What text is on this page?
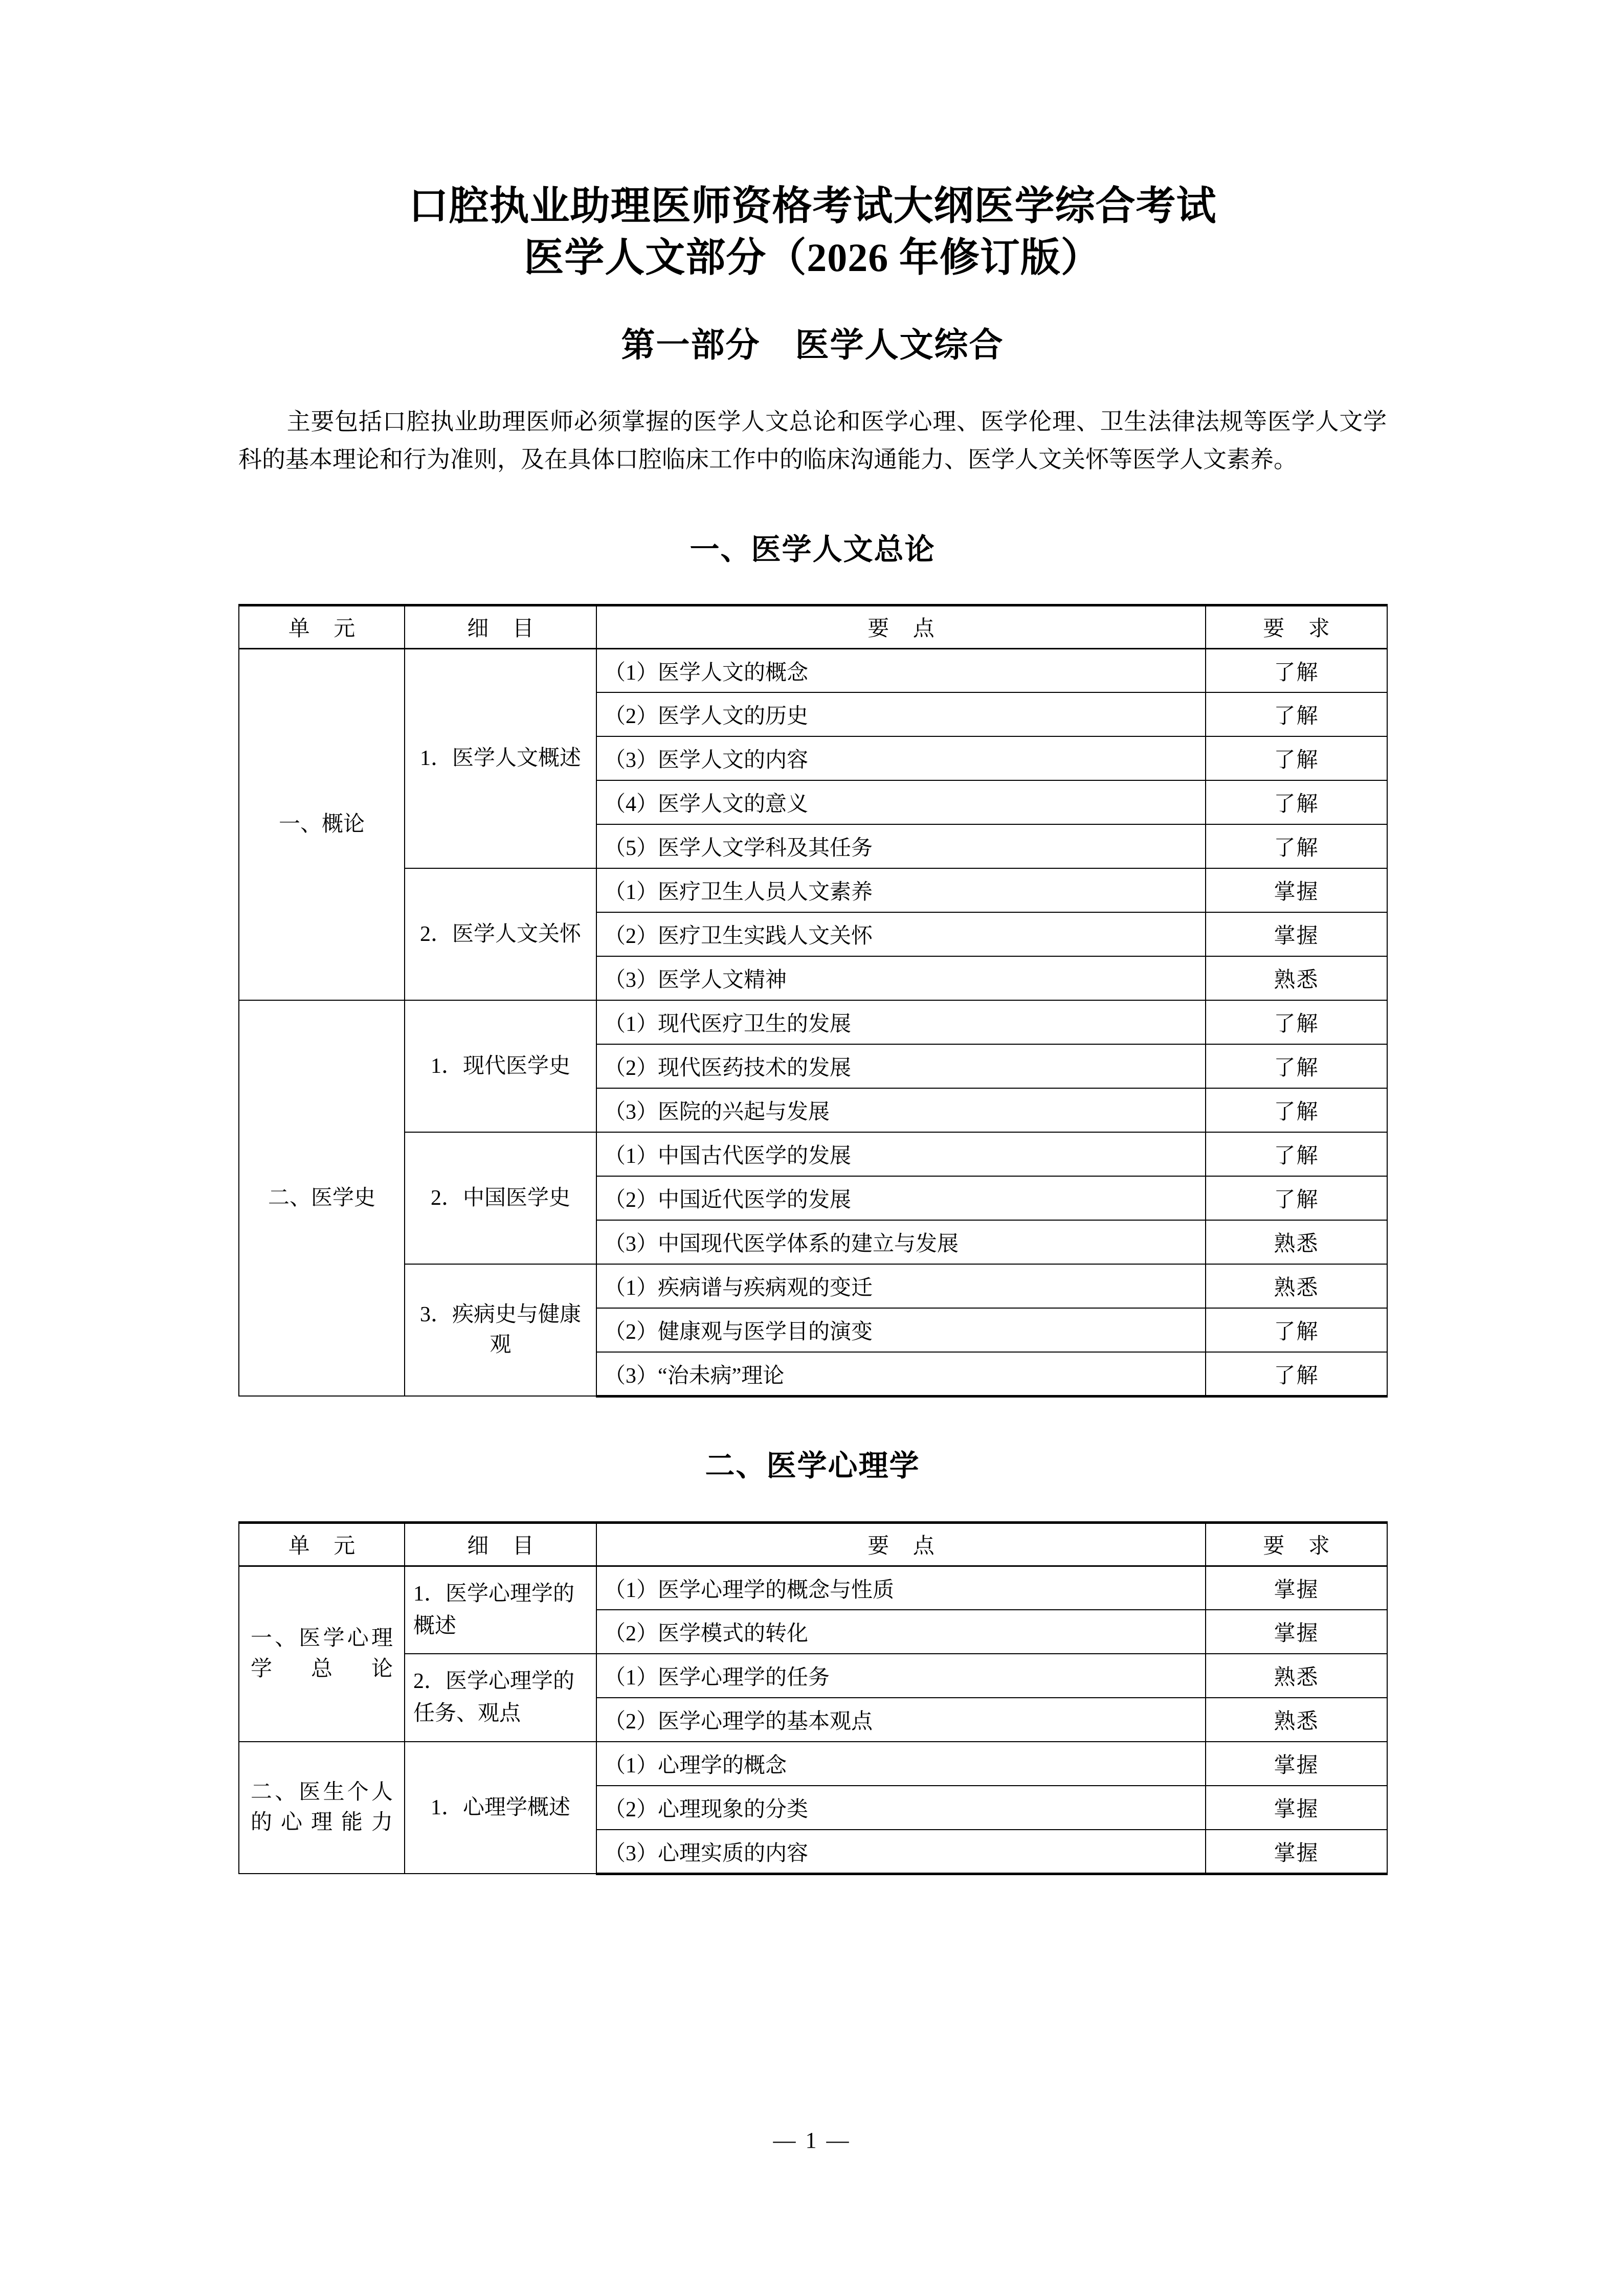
口腔执业助理医师资格考试大纲医学综合考试
医学人文部分（2026 年修订版）
第一部分　医学人文综合

主要包括口腔执业助理医师必须掌握的医学人文总论和医学心理、医学伦理、卫生法律法规等医学人文学科的基本理论和行为准则，及在具体口腔临床工作中的临床沟通能力、医学人文关怀等医学人文素养。

一、医学人文总论
单 元	细 目	要 点	要 求
一、概论	1．医学人文概述	（1）医学人文的概念	了解
		（2）医学人文的历史	了解
		（3）医学人文的内容	了解
		（4）医学人文的意义	了解
		（5）医学人文学科及其任务	了解
	2．医学人文关怀	（1）医疗卫生人员人文素养	掌握
		（2）医疗卫生实践人文关怀	掌握
		（3）医学人文精神	熟悉
二、医学史	1．现代医学史	（1）现代医疗卫生的发展	了解
		（2）现代医药技术的发展	了解
		（3）医院的兴起与发展	了解
	2．中国医学史	（1）中国古代医学的发展	了解
		（2）中国近代医学的发展	了解
		（3）中国现代医学体系的建立与发展	熟悉
	3．疾病史与健康观	（1）疾病谱与疾病观的变迁	熟悉
		（2）健康观与医学目的演变	了解
		（3）“治未病”理论	了解
二、医学心理学
单 元	细 目	要 点	要 求
一、医学心理学总论	1．医学心理学的概述	（1）医学心理学的概念与性质	掌握
		（2）医学模式的转化	掌握
	2．医学心理学的任务、观点	（1）医学心理学的任务	熟悉
		（2）医学心理学的基本观点	熟悉
二、医生个人的心理能力	1．心理学概述	（1）心理学的概念	掌握
		（2）心理现象的分类	掌握
		（3）心理实质的内容	掌握
— 1 —
